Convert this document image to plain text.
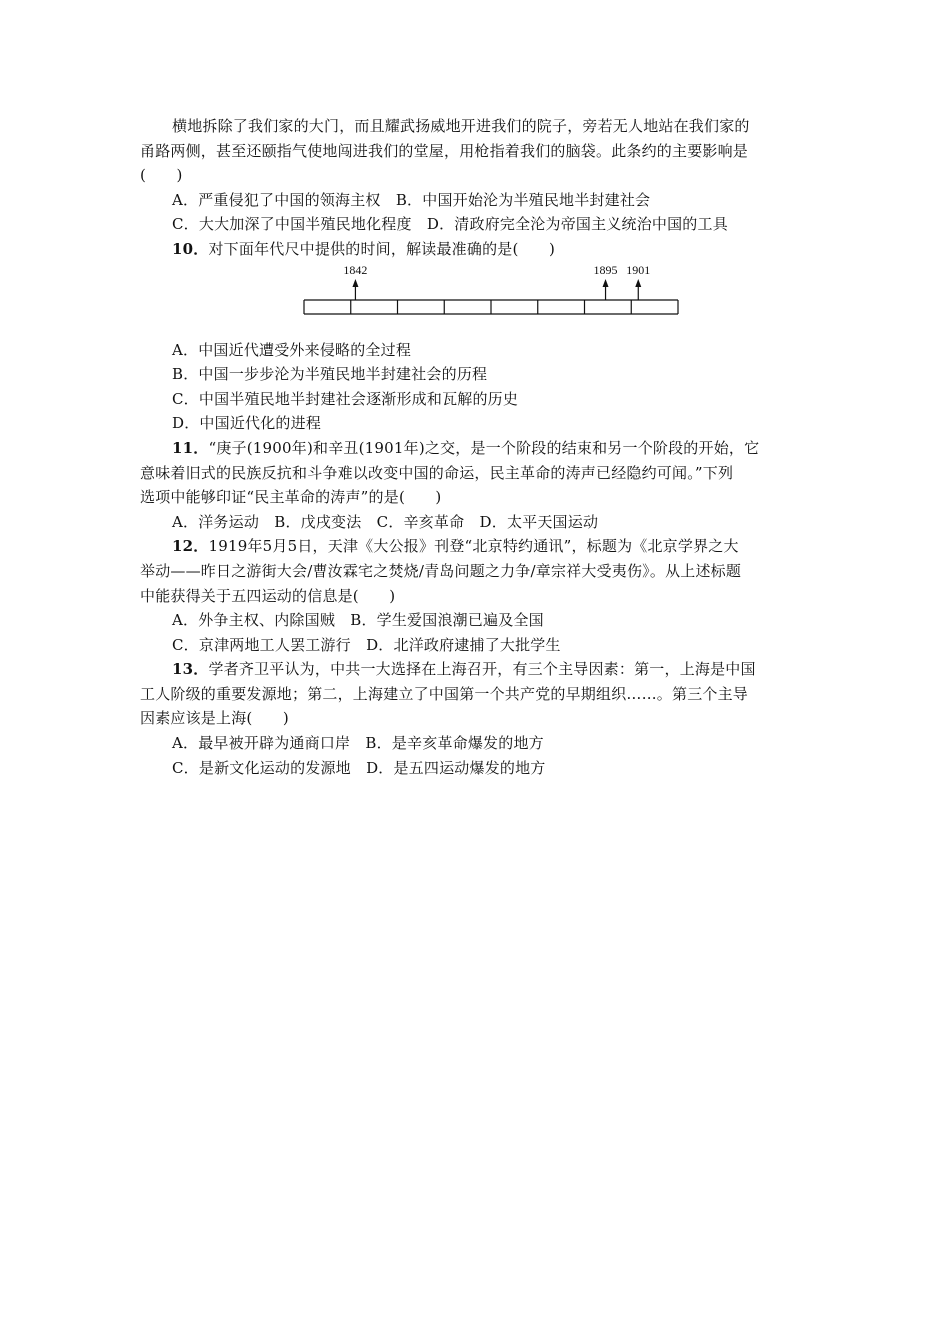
横地拆除了我们家的大门，而且耀武扬威地开进我们的院子，旁若无人地站在我们家的
甬路两侧，甚至还颐指气使地闯进我们的堂屋，用枪指着我们的脑袋。此条约的主要影响是
(　　)
A．严重侵犯了中国的领海主权　B．中国开始沦为半殖民地半封建社会
C．大大加深了中国半殖民地化程度　D．清政府完全沦为帝国主义统治中国的工具
10．对下面年代尺中提供的时间，解读最准确的是(　　)
1842	1895 1901
A．中国近代遭受外来侵略的全过程
B．中国一步步沦为半殖民地半封建社会的历程
C．中国半殖民地半封建社会逐渐形成和瓦解的历史
D．中国近代化的进程
11．“庚子(1900年)和辛丑(1901年)之交，是一个阶段的结束和另一个阶段的开始，它
意味着旧式的民族反抗和斗争难以改变中国的命运，民主革命的涛声已经隐约可闻。”下列
选项中能够印证“民主革命的涛声”的是(　　)
A．洋务运动　B．戊戌变法　C．辛亥革命　D．太平天国运动
12．1919年5月5日，天津《大公报》刊登“北京特约通讯”，标题为《北京学界之大
举动——昨日之游街大会/曹汝霖宅之焚烧/青岛问题之力争/章宗祥大受夷伤》。从上述标题
中能获得关于五四运动的信息是(　　)
A．外争主权、内除国贼　B．学生爱国浪潮已遍及全国
C．京津两地工人罢工游行　D．北洋政府逮捕了大批学生
13．学者齐卫平认为，中共一大选择在上海召开，有三个主导因素：第一，上海是中国
工人阶级的重要发源地；第二，上海建立了中国第一个共产党的早期组织……。第三个主导
因素应该是上海(　　)
A．最早被开辟为通商口岸　B．是辛亥革命爆发的地方
C．是新文化运动的发源地　D．是五四运动爆发的地方
